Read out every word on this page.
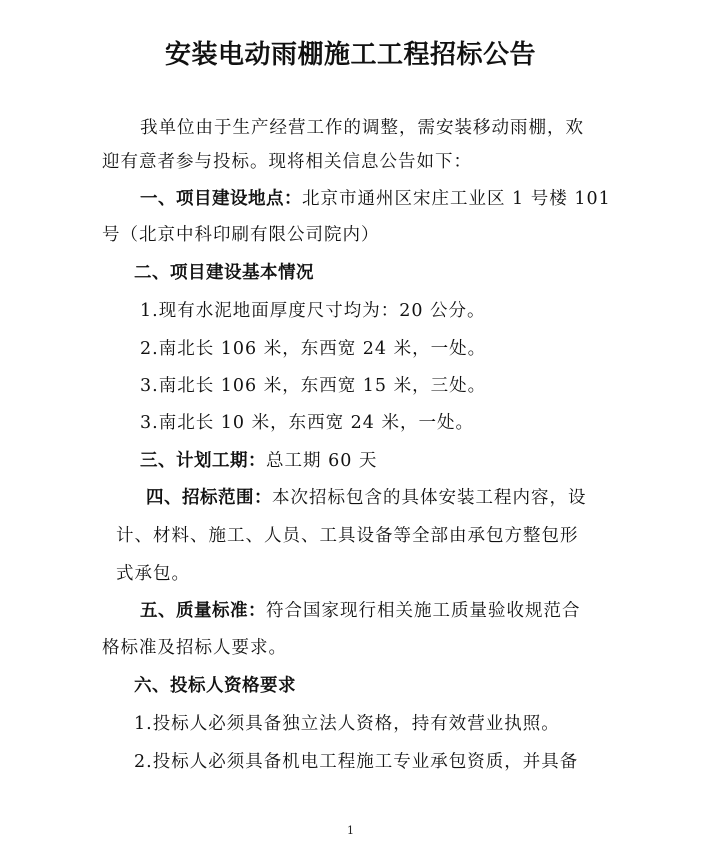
安装电动雨棚施工工程招标公告
我单位由于生产经营工作的调整，需安装移动雨棚，欢
迎有意者参与投标。现将相关信息公告如下：
一、项目建设地点：北京市通州区宋庄工业区 1 号楼 101
号（北京中科印刷有限公司院内）
二、项目建设基本情况
1.现有水泥地面厚度尺寸均为：20 公分。
2.南北长 106 米，东西宽 24 米，一处。
3.南北长 106 米，东西宽 15 米，三处。
3.南北长 10 米，东西宽 24 米，一处。
三、计划工期：总工期 60 天
四、招标范围：本次招标包含的具体安装工程内容，设
计、材料、施工、人员、工具设备等全部由承包方整包形
式承包。
五、质量标准：符合国家现行相关施工质量验收规范合
格标准及招标人要求。
六、投标人资格要求
1.投标人必须具备独立法人资格，持有效营业执照。
2.投标人必须具备机电工程施工专业承包资质，并具备
1
